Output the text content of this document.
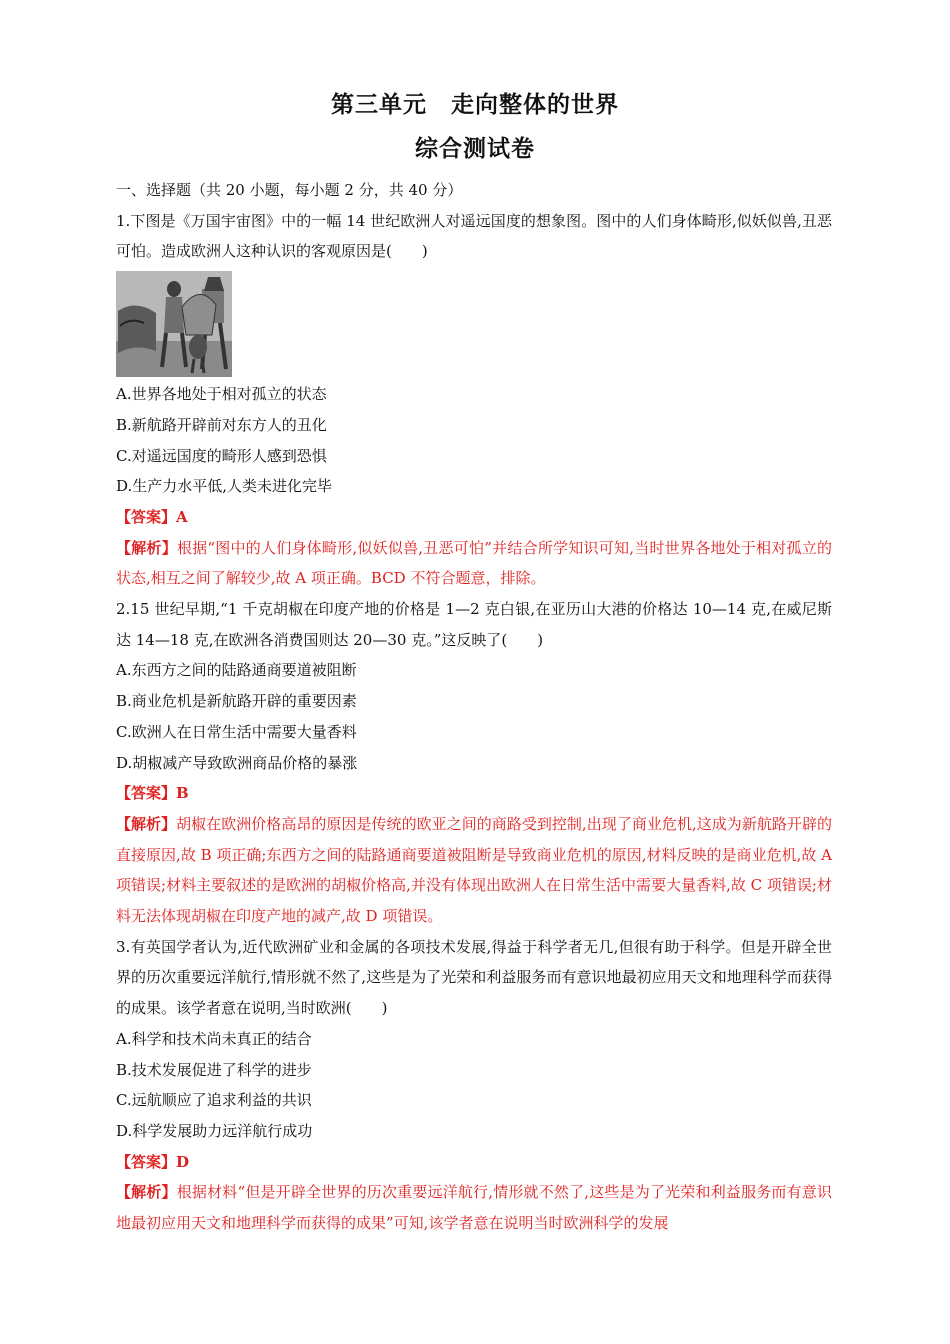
第三单元　走向整体的世界
综合测试卷

一、选择题（共 20 小题，每小题 2 分，共 40 分）

1.下图是《万国宇宙图》中的一幅 14 世纪欧洲人对遥远国度的想象图。图中的人们身体畸形,似妖似兽,丑恶可怕。造成欧洲人这种认识的客观原因是(　　)

A.世界各地处于相对孤立的状态

B.新航路开辟前对东方人的丑化

C.对遥远国度的畸形人感到恐惧

D.生产力水平低,人类未进化完毕

【答案】A

【解析】根据“图中的人们身体畸形,似妖似兽,丑恶可怕”并结合所学知识可知,当时世界各地处于相对孤立的状态,相互之间了解较少,故 A 项正确。BCD 不符合题意，排除。

2.15 世纪早期,“1 千克胡椒在印度产地的价格是 1—2 克白银,在亚历山大港的价格达 10—14 克,在威尼斯达 14—18 克,在欧洲各消费国则达 20—30 克。”这反映了(　　)

A.东西方之间的陆路通商要道被阻断

B.商业危机是新航路开辟的重要因素

C.欧洲人在日常生活中需要大量香料

D.胡椒减产导致欧洲商品价格的暴涨

【答案】B

【解析】胡椒在欧洲价格高昂的原因是传统的欧亚之间的商路受到控制,出现了商业危机,这成为新航路开辟的直接原因,故 B 项正确;东西方之间的陆路通商要道被阻断是导致商业危机的原因,材料反映的是商业危机,故 A 项错误;材料主要叙述的是欧洲的胡椒价格高,并没有体现出欧洲人在日常生活中需要大量香料,故 C 项错误;材料无法体现胡椒在印度产地的减产,故 D 项错误。

3.有英国学者认为,近代欧洲矿业和金属的各项技术发展,得益于科学者无几,但很有助于科学。但是开辟全世界的历次重要远洋航行,情形就不然了,这些是为了光荣和利益服务而有意识地最初应用天文和地理科学而获得的成果。该学者意在说明,当时欧洲(　　)

A.科学和技术尚未真正的结合

B.技术发展促进了科学的进步

C.远航顺应了追求利益的共识

D.科学发展助力远洋航行成功

【答案】D

【解析】根据材料“但是开辟全世界的历次重要远洋航行,情形就不然了,这些是为了光荣和利益服务而有意识地最初应用天文和地理科学而获得的成果”可知,该学者意在说明当时欧洲科学的发展
